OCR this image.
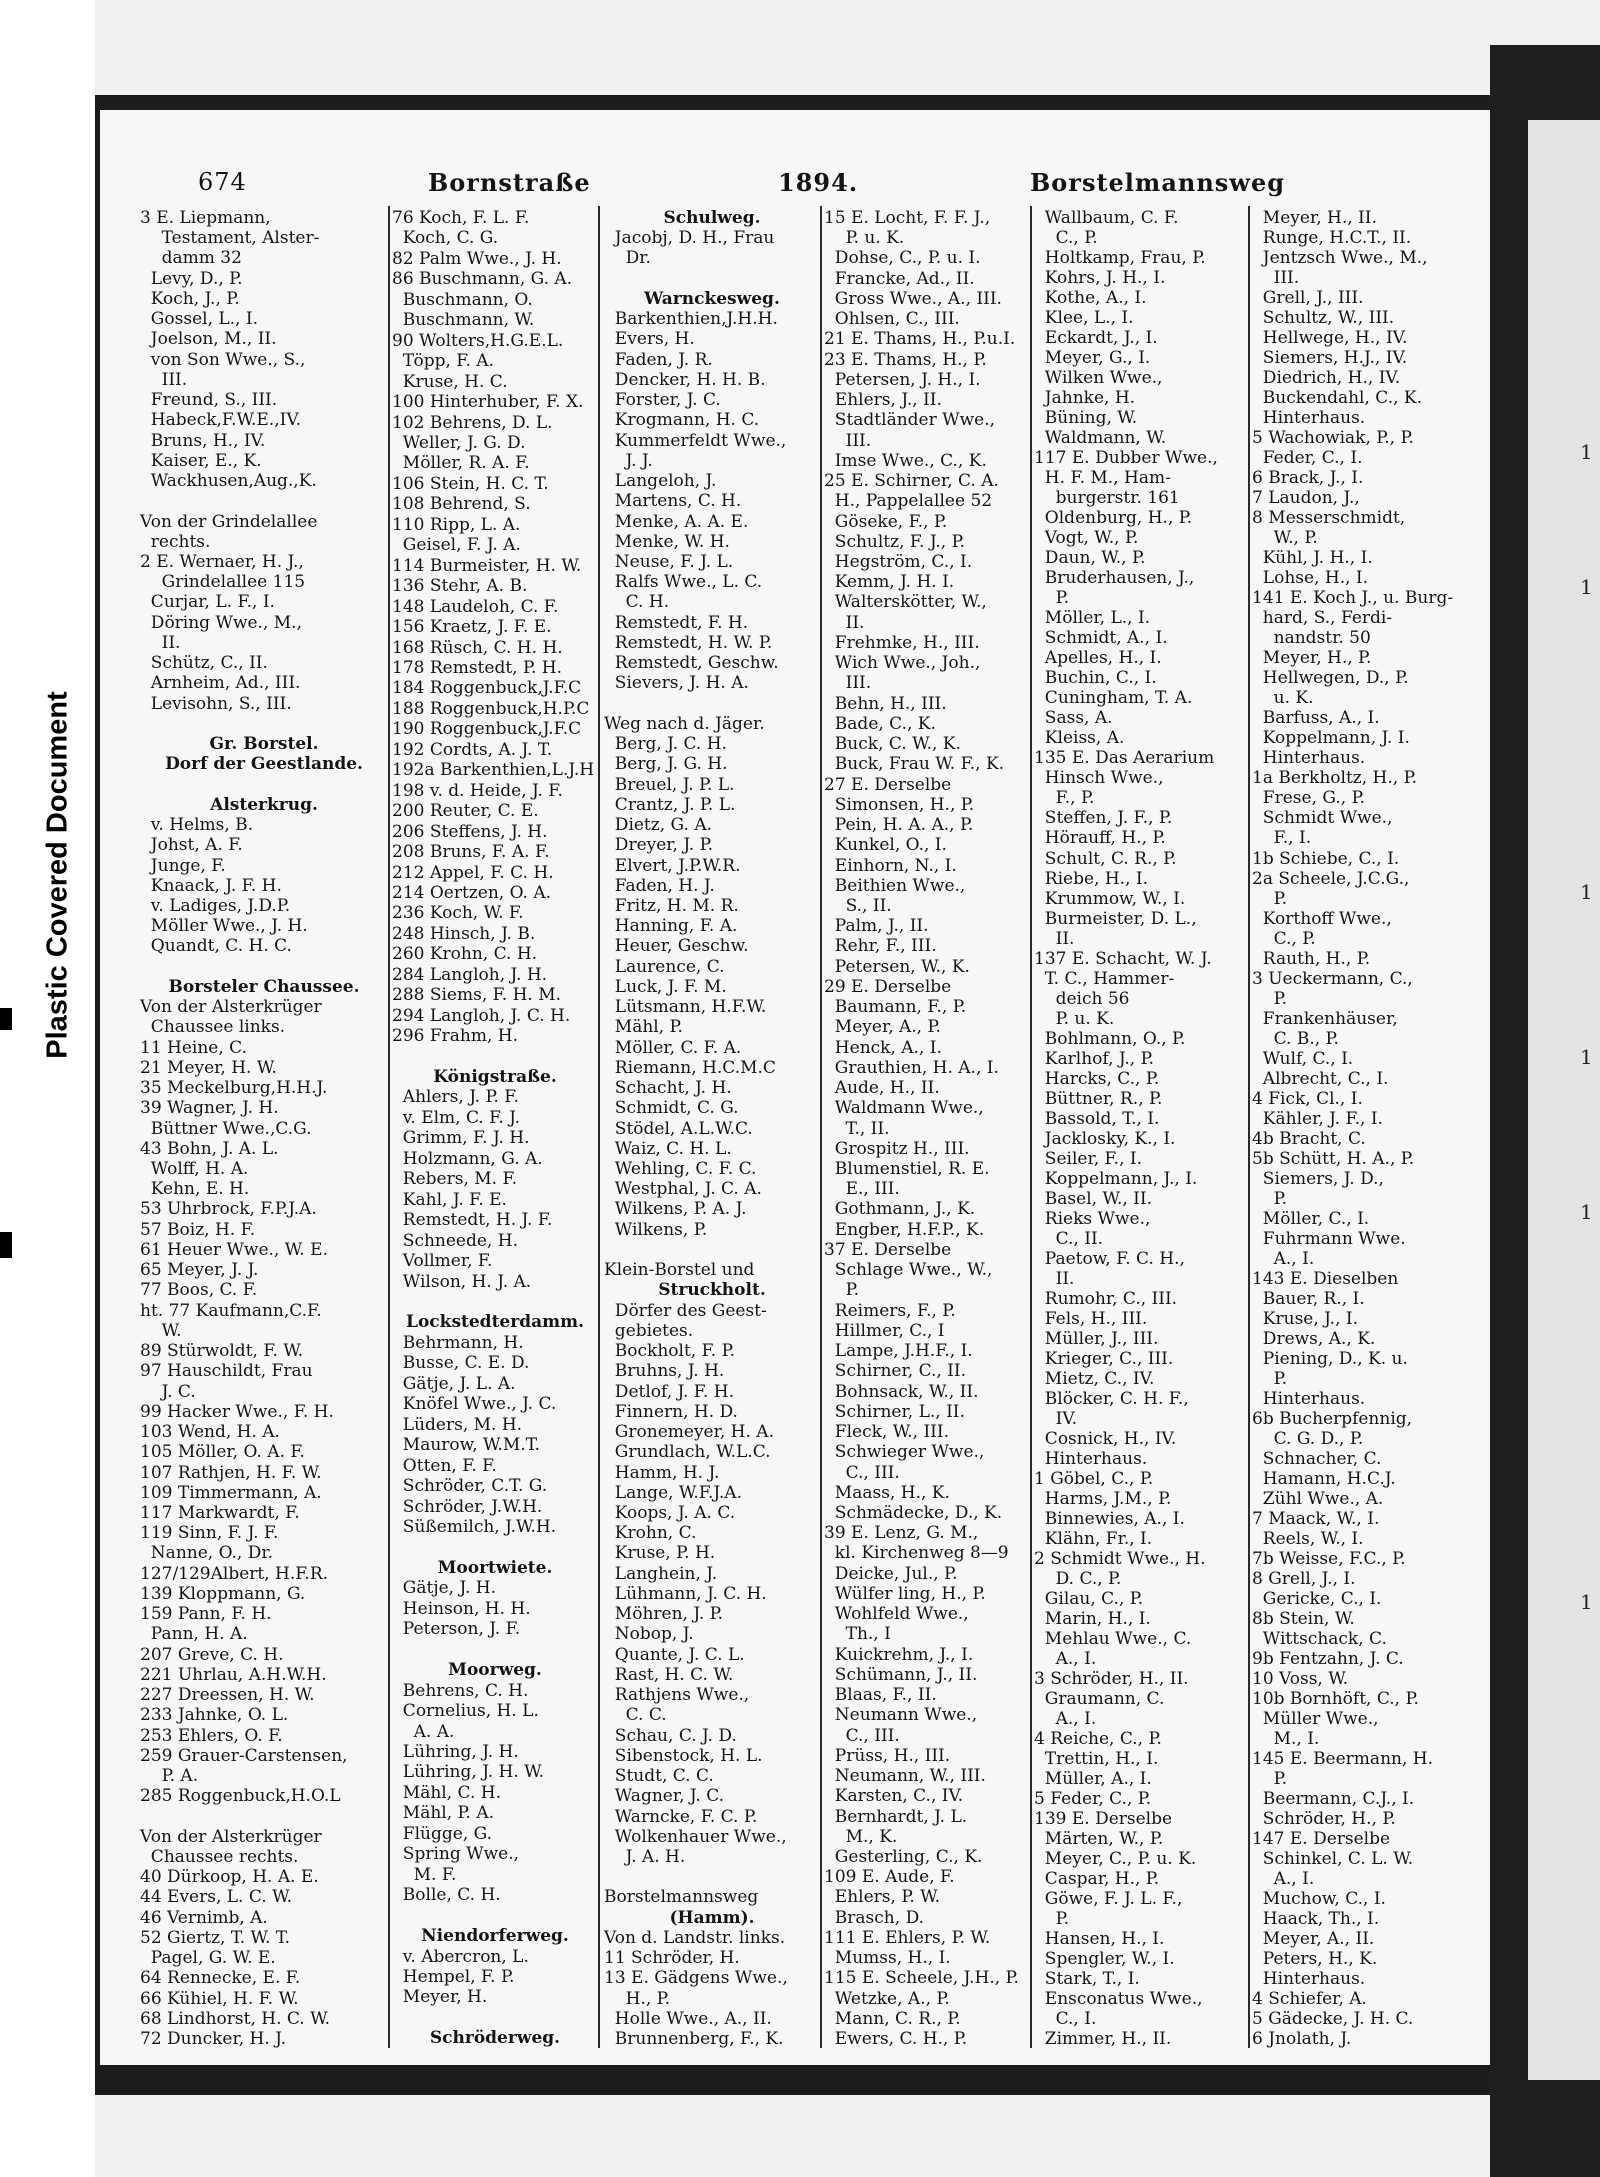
Plastic Covered Document
674	Bornstraße	1894.	Borstelmannsweg
3 E. Liepmann,
Testament, Alster-
damm 32
Levy, D., P.
Koch, J., P.
Gossel, L., I.
Joelson, M., II.
von Son Wwe., S.,
III.
Freund, S., III.
Habeck,F.W.E.,IV.
Bruns, H., IV.
Kaiser, E., K.
Wackhusen,Aug.,K.
Von der Grindelallee
rechts.
2 E. Wernaer, H. J.,
Grindelallee 115
Curjar, L. F., I.
Döring Wwe., M.,
II.
Schütz, C., II.
Arnheim, Ad., III.
Levisohn, S., III.
Gr. Borstel.
Dorf der Geestlande.
Alsterkrug.
v. Helms, B.
Johst, A. F.
Junge, F.
Knaack, J. F. H.
v. Ladiges, J.D.P.
Möller Wwe., J. H.
Quandt, C. H. C.
Borsteler Chaussee.
Von der Alsterkrüger
Chaussee links.
11 Heine, C.
21 Meyer, H. W.
35 Meckelburg,H.H.J.
39 Wagner, J. H.
Büttner Wwe.,C.G.
43 Bohn, J. A. L.
Wolff, H. A.
Kehn, E. H.
53 Uhrbrock, F.P.J.A.
57 Boiz, H. F.
61 Heuer Wwe., W. E.
65 Meyer, J. J.
77 Boos, C. F.
ht. 77 Kaufmann,C.F.
W.
89 Stürwoldt, F. W.
97 Hauschildt, Frau
J. C.
99 Hacker Wwe., F. H.
103 Wend, H. A.
105 Möller, O. A. F.
107 Rathjen, H. F. W.
109 Timmermann, A.
117 Markwardt, F.
119 Sinn, F. J. F.
Nanne, O., Dr.
127/129Albert, H.F.R.
139 Kloppmann, G.
159 Pann, F. H.
Pann, H. A.
207 Greve, C. H.
221 Uhrlau, A.H.W.H.
227 Dreessen, H. W.
233 Jahnke, O. L.
253 Ehlers, O. F.
259 Grauer-Carstensen,
P. A.
285 Roggenbuck,H.O.L
Von der Alsterkrüger
Chaussee rechts.
40 Dürkoop, H. A. E.
44 Evers, L. C. W.
46 Vernimb, A.
52 Giertz, T. W. T.
Pagel, G. W. E.
64 Rennecke, E. F.
66 Kühiel, H. F. W.
68 Lindhorst, H. C. W.
72 Duncker, H. J.
76 Koch, F. L. F.
Koch, C. G.
82 Palm Wwe., J. H.
86 Buschmann, G. A.
Buschmann, O.
Buschmann, W.
90 Wolters,H.G.E.L.
Töpp, F. A.
Kruse, H. C.
100 Hinterhuber, F. X.
102 Behrens, D. L.
Weller, J. G. D.
Möller, R. A. F.
106 Stein, H. C. T.
108 Behrend, S.
110 Ripp, L. A.
Geisel, F. J. A.
114 Burmeister, H. W.
136 Stehr, A. B.
148 Laudeloh, C. F.
156 Kraetz, J. F. E.
168 Rüsch, C. H. H.
178 Remstedt, P. H.
184 Roggenbuck,J.F.C
188 Roggenbuck,H.P.C
190 Roggenbuck,J.F.C
192 Cordts, A. J. T.
192a Barkenthien,L.J.H
198 v. d. Heide, J. F.
200 Reuter, C. E.
206 Steffens, J. H.
208 Bruns, F. A. F.
212 Appel, F. C. H.
214 Oertzen, O. A.
236 Koch, W. F.
248 Hinsch, J. B.
260 Krohn, C. H.
284 Langloh, J. H.
288 Siems, F. H. M.
294 Langloh, J. C. H.
296 Frahm, H.
Königstraße.
Ahlers, J. P. F.
v. Elm, C. F. J.
Grimm, F. J. H.
Holzmann, G. A.
Rebers, M. F.
Kahl, J. F. E.
Remstedt, H. J. F.
Schneede, H.
Vollmer, F.
Wilson, H. J. A.
Lockstedterdamm.
Behrmann, H.
Busse, C. E. D.
Gätje, J. L. A.
Knöfel Wwe., J. C.
Lüders, M. H.
Maurow, W.M.T.
Otten, F. F.
Schröder, C.T. G.
Schröder, J.W.H.
Süßemilch, J.W.H.
Moortwiete.
Gätje, J. H.
Heinson, H. H.
Peterson, J. F.
Moorweg.
Behrens, C. H.
Cornelius, H. L.
A. A.
Lühring, J. H.
Lühring, J. H. W.
Mähl, C. H.
Mähl, P. A.
Flügge, G.
Spring Wwe.,
M. F.
Bolle, C. H.
Niendorferweg.
v. Abercron, L.
Hempel, F. P.
Meyer, H.
Schröderweg.
Schulweg.
Jacobj, D. H., Frau
Dr.
Warnckesweg.
Barkenthien,J.H.H.
Evers, H.
Faden, J. R.
Dencker, H. H. B.
Forster, J. C.
Krogmann, H. C.
Kummerfeldt Wwe.,
J. J.
Langeloh, J.
Martens, C. H.
Menke, A. A. E.
Menke, W. H.
Neuse, F. J. L.
Ralfs Wwe., L. C.
C. H.
Remstedt, F. H.
Remstedt, H. W. P.
Remstedt, Geschw.
Sievers, J. H. A.
Weg nach d. Jäger.
Berg, J. C. H.
Berg, J. G. H.
Breuel, J. P. L.
Crantz, J. P. L.
Dietz, G. A.
Dreyer, J. P.
Elvert, J.P.W.R.
Faden, H. J.
Fritz, H. M. R.
Hanning, F. A.
Heuer, Geschw.
Laurence, C.
Luck, J. F. M.
Lütsmann, H.F.W.
Mähl, P.
Möller, C. F. A.
Riemann, H.C.M.C
Schacht, J. H.
Schmidt, C. G.
Stödel, A.L.W.C.
Waiz, C. H. L.
Wehling, C. F. C.
Westphal, J. C. A.
Wilkens, P. A. J.
Wilkens, P.
Klein-Borstel und
Struckholt.
Dörfer des Geest-
gebietes.
Bockholt, F. P.
Bruhns, J. H.
Detlof, J. F. H.
Finnern, H. D.
Gronemeyer, H. A.
Grundlach, W.L.C.
Hamm, H. J.
Lange, W.F.J.A.
Koops, J. A. C.
Krohn, C.
Kruse, P. H.
Langhein, J.
Lühmann, J. C. H.
Möhren, J. P.
Nobop, J.
Quante, J. C. L.
Rast, H. C. W.
Rathjens Wwe.,
C. C.
Schau, C. J. D.
Sibenstock, H. L.
Studt, C. C.
Wagner, J. C.
Warncke, F. C. P.
Wolkenhauer Wwe.,
J. A. H.
Borstelmannsweg
(Hamm).
Von d. Landstr. links.
11 Schröder, H.
13 E. Gädgens Wwe.,
H., P.
Holle Wwe., A., II.
Brunnenberg, F., K.
15 E. Locht, F. F. J.,
P. u. K.
Dohse, C., P. u. I.
Francke, Ad., II.
Gross Wwe., A., III.
Ohlsen, C., III.
21 E. Thams, H., P.u.I.
23 E. Thams, H., P.
Petersen, J. H., I.
Ehlers, J., II.
Stadtländer Wwe.,
III.
Imse Wwe., C., K.
25 E. Schirner, C. A.
H., Pappelallee 52
Göseke, F., P.
Schultz, F. J., P.
Hegström, C., I.
Kemm, J. H. I.
Walterskötter, W.,
II.
Frehmke, H., III.
Wich Wwe., Joh.,
III.
Behn, H., III.
Bade, C., K.
Buck, C. W., K.
Buck, Frau W. F., K.
27 E. Derselbe
Simonsen, H., P.
Pein, H. A. A., P.
Kunkel, O., I.
Einhorn, N., I.
Beithien Wwe.,
S., II.
Palm, J., II.
Rehr, F., III.
Petersen, W., K.
29 E. Derselbe
Baumann, F., P.
Meyer, A., P.
Henck, A., I.
Grauthien, H. A., I.
Aude, H., II.
Waldmann Wwe.,
T., II.
Grospitz H., III.
Blumenstiel, R. E.
E., III.
Gothmann, J., K.
Engber, H.F.P., K.
37 E. Derselbe
Schlage Wwe., W.,
P.
Reimers, F., P.
Hillmer, C., I
Lampe, J.H.F., I.
Schirner, C., II.
Bohnsack, W., II.
Schirner, L., II.
Fleck, W., III.
Schwieger Wwe.,
C., III.
Maass, H., K.
Schmädecke, D., K.
39 E. Lenz, G. M.,
kl. Kirchenweg 8—9
Deicke, Jul., P.
Wülfer ling, H., P.
Wohlfeld Wwe.,
Th., I
Kuickrehm, J., I.
Schümann, J., II.
Blaas, F., II.
Neumann Wwe.,
C., III.
Prüss, H., III.
Neumann, W., III.
Karsten, C., IV.
Bernhardt, J. L.
M., K.
Gesterling, C., K.
109 E. Aude, F.
Ehlers, P. W.
Brasch, D.
111 E. Ehlers, P. W.
Mumss, H., I.
115 E. Scheele, J.H., P.
Wetzke, A., P.
Mann, C. R., P.
Ewers, C. H., P.
Wallbaum, C. F.
C., P.
Holtkamp, Frau, P.
Kohrs, J. H., I.
Kothe, A., I.
Klee, L., I.
Eckardt, J., I.
Meyer, G., I.
Wilken Wwe.,
Jahnke, H.
Büning, W.
Waldmann, W.
117 E. Dubber Wwe.,
H. F. M., Ham-
burgerstr. 161
Oldenburg, H., P.
Vogt, W., P.
Daun, W., P.
Bruderhausen, J.,
P.
Möller, L., I.
Schmidt, A., I.
Apelles, H., I.
Buchin, C., I.
Cuningham, T. A.
Sass, A.
Kleiss, A.
135 E. Das Aerarium
Hinsch Wwe.,
F., P.
Steffen, J. F., P.
Hörauff, H., P.
Schult, C. R., P.
Riebe, H., I.
Krummow, W., I.
Burmeister, D. L.,
II.
137 E. Schacht, W. J.
T. C., Hammer-
deich 56
P. u. K.
Bohlmann, O., P.
Karlhof, J., P.
Harcks, C., P.
Büttner, R., P.
Bassold, T., I.
Jacklosky, K., I.
Seiler, F., I.
Koppelmann, J., I.
Basel, W., II.
Rieks Wwe.,
C., II.
Paetow, F. C. H.,
II.
Rumohr, C., III.
Fels, H., III.
Müller, J., III.
Krieger, C., III.
Mietz, C., IV.
Blöcker, C. H. F.,
IV.
Cosnick, H., IV.
Hinterhaus.
1 Göbel, C., P.
Harms, J.M., P.
Binnewies, A., I.
Klähn, Fr., I.
2 Schmidt Wwe., H.
D. C., P.
Gilau, C., P.
Marin, H., I.
Mehlau Wwe., C.
A., I.
3 Schröder, H., II.
Graumann, C.
A., I.
4 Reiche, C., P.
Trettin, H., I.
Müller, A., I.
5 Feder, C., P.
139 E. Derselbe
Märten, W., P.
Meyer, C., P. u. K.
Caspar, H., P.
Göwe, F. J. L. F.,
P.
Hansen, H., I.
Spengler, W., I.
Stark, T., I.
Ensconatus Wwe.,
C., I.
Zimmer, H., II.
Meyer, H., II.
Runge, H.C.T., II.
Jentzsch Wwe., M.,
III.
Grell, J., III.
Schultz, W., III.
Hellwege, H., IV.
Siemers, H.J., IV.
Diedrich, H., IV.
Buckendahl, C., K.
Hinterhaus.
5 Wachowiak, P., P.
Feder, C., I.
6 Brack, J., I.
7 Laudon, J.,
8 Messerschmidt,
W., P.
Kühl, J. H., I.
Lohse, H., I.
141 E. Koch J., u. Burg-
hard, S., Ferdi-
nandstr. 50
Meyer, H., P.
Hellwegen, D., P.
u. K.
Barfuss, A., I.
Koppelmann, J. I.
Hinterhaus.
1a Berkholtz, H., P.
Frese, G., P.
Schmidt Wwe.,
F., I.
1b Schiebe, C., I.
2a Scheele, J.C.G.,
P.
Korthoff Wwe.,
C., P.
Rauth, H., P.
3 Ueckermann, C.,
P.
Frankenhäuser,
C. B., P.
Wulf, C., I.
Albrecht, C., I.
4 Fick, Cl., I.
Kähler, J. F., I.
4b Bracht, C.
5b Schütt, H. A., P.
Siemers, J. D.,
P.
Möller, C., I.
Fuhrmann Wwe.
A., I.
143 E. Dieselben
Bauer, R., I.
Kruse, J., I.
Drews, A., K.
Piening, D., K. u.
P.
Hinterhaus.
6b Bucherpfennig,
C. G. D., P.
Schnacher, C.
Hamann, H.C.J.
Zühl Wwe., A.
7 Maack, W., I.
Reels, W., I.
7b Weisse, F.C., P.
8 Grell, J., I.
Gericke, C., I.
8b Stein, W.
Wittschack, C.
9b Fentzahn, J. C.
10 Voss, W.
10b Bornhöft, C., P.
Müller Wwe.,
M., I.
145 E. Beermann, H.
P.
Beermann, C.J., I.
Schröder, H., P.
147 E. Derselbe
Schinkel, C. L. W.
A., I.
Muchow, C., I.
Haack, Th., I.
Meyer, A., II.
Peters, H., K.
Hinterhaus.
4 Schiefer, A.
5 Gädecke, J. H. C.
6 Jnolath, J.
1
1
1
1
1
1
